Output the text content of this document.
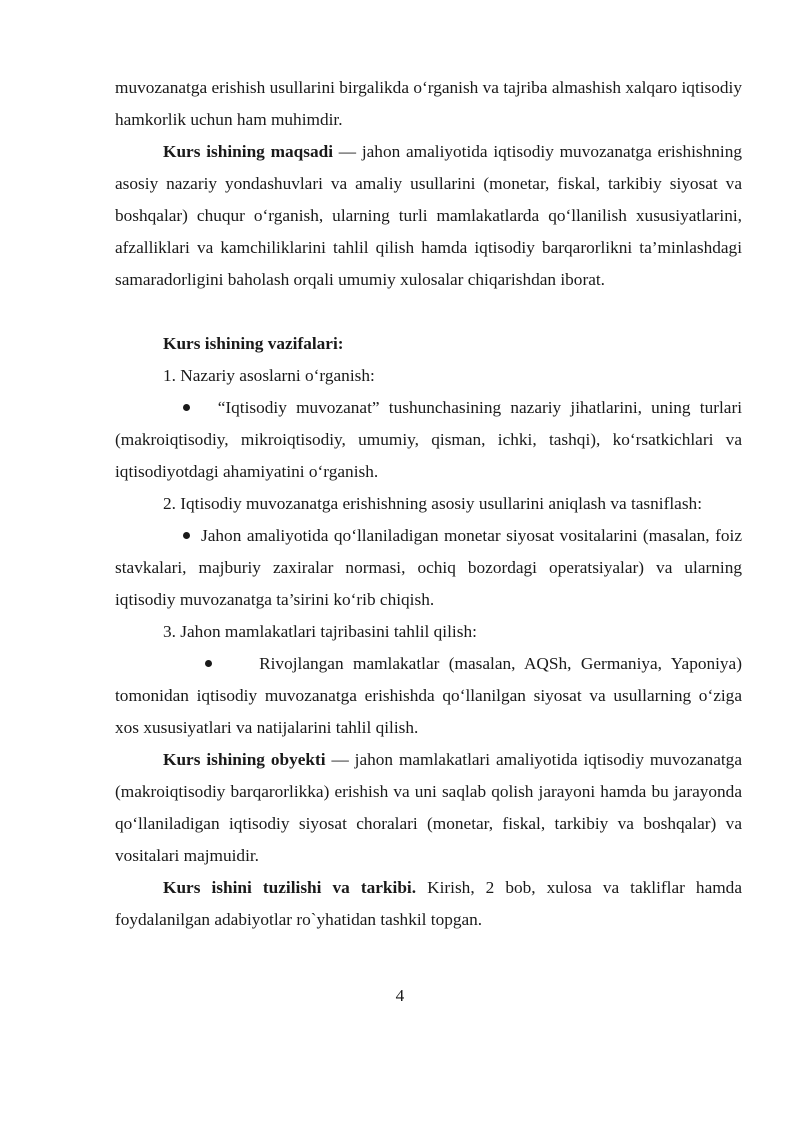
muvozanatga erishish usullarini birgalikda o‘rganish va tajriba almashish xalqaro iqtisodiy hamkorlik uchun ham muhimdir.

Kurs ishining maqsadi — jahon amaliyotida iqtisodiy muvozanatga erishishning asosiy nazariy yondashuvlari va amaliy usullarini (monetar, fiskal, tarkibiy siyosat va boshqalar) chuqur o‘rganish, ularning turli mamlakatlarda qo‘llanilish xususiyatlarini, afzalliklari va kamchiliklarini tahlil qilish hamda iqtisodiy barqarorlikni ta’minlashdagi samaradorligini baholash orqali umumiy xulosalar chiqarishdan iborat.

Kurs ishining vazifalari:
1. Nazariy asoslarni o‘rganish:

“Iqtisodiy muvozanat” tushunchasining nazariy jihatlarini, uning turlari (makroiqtisodiy, mikroiqtisodiy, umumiy, qisman, ichki, tashqi), ko‘rsatkichlari va iqtisodiyotdagi ahamiyatini o‘rganish.

2. Iqtisodiy muvozanatga erishishning asosiy usullarini aniqlash va tasniflash:

Jahon amaliyotida qo‘llaniladigan monetar siyosat vositalarini (masalan, foiz stavkalari, majburiy zaxiralar normasi, ochiq bozordagi operatsiyalar) va ularning iqtisodiy muvozanatga ta’sirini ko‘rib chiqish.

3. Jahon mamlakatlari tajribasini tahlil qilish:

Rivojlangan mamlakatlar (masalan, AQSh, Germaniya, Yaponiya) tomonidan iqtisodiy muvozanatga erishishda qo‘llanilgan siyosat va usullarning o‘ziga xos xususiyatlari va natijalarini tahlil qilish.

Kurs ishining obyekti — jahon mamlakatlari amaliyotida iqtisodiy muvozanatga (makroiqtisodiy barqarorlikka) erishish va uni saqlab qolish jarayoni hamda bu jarayonda qo‘llaniladigan iqtisodiy siyosat choralari (monetar, fiskal, tarkibiy va boshqalar) va vositalari majmuidir.

Kurs ishini tuzilishi va tarkibi. Kirish, 2 bob, xulosa va takliflar hamda foydalanilgan adabiyotlar ro`yhatidan tashkil topgan.

4
